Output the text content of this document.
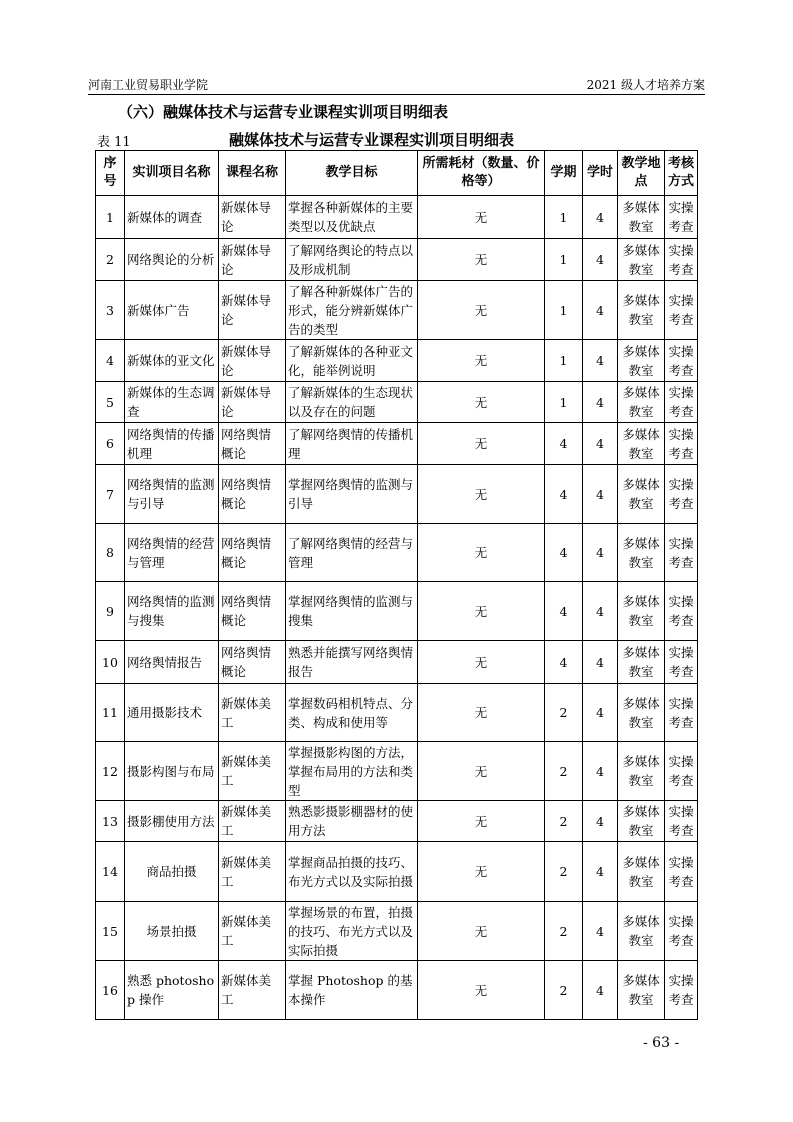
河南工业贸易职业学院	2021 级人才培养方案
（六）融媒体技术与运营专业课程实训项目明细表
表 11	融媒体技术与运营专业课程实训项目明细表
序号	实训项目名称	课程名称	教学目标	所需耗材（数量、价格等）	学期	学时	教学地点	考核方式
1	新媒体的调查	新媒体导论	掌握各种新媒体的主要类型以及优缺点	无	1	4	多媒体教室	实操考查
2	网络舆论的分析	新媒体导论	了解网络舆论的特点以及形成机制	无	1	4	多媒体教室	实操考查
3	新媒体广告	新媒体导论	了解各种新媒体广告的形式，能分辨新媒体广告的类型	无	1	4	多媒体教室	实操考查
4	新媒体的亚文化	新媒体导论	了解新媒体的各种亚文化，能举例说明	无	1	4	多媒体教室	实操考查
5	新媒体的生态调查	新媒体导论	了解新媒体的生态现状以及存在的问题	无	1	4	多媒体教室	实操考查
6	网络舆情的传播机理	网络舆情概论	了解网络舆情的传播机理	无	4	4	多媒体教室	实操考查
7	网络舆情的监测与引导	网络舆情概论	掌握网络舆情的监测与引导	无	4	4	多媒体教室	实操考查
8	网络舆情的经营与管理	网络舆情概论	了解网络舆情的经营与管理	无	4	4	多媒体教室	实操考查
9	网络舆情的监测与搜集	网络舆情概论	掌握网络舆情的监测与搜集	无	4	4	多媒体教室	实操考查
10	网络舆情报告	网络舆情概论	熟悉并能撰写网络舆情报告	无	4	4	多媒体教室	实操考查
11	通用摄影技术	新媒体美工	掌握数码相机特点、分类、构成和使用等	无	2	4	多媒体教室	实操考查
12	摄影构图与布局	新媒体美工	掌握摄影构图的方法，掌握布局用的方法和类型	无	2	4	多媒体教室	实操考查
13	摄影棚使用方法	新媒体美工	熟悉影摄影棚器材的使用方法	无	2	4	多媒体教室	实操考查
14	商品拍摄	新媒体美工	掌握商品拍摄的技巧、布光方式以及实际拍摄	无	2	4	多媒体教室	实操考查
15	场景拍摄	新媒体美工	掌握场景的布置，拍摄的技巧、布光方式以及实际拍摄	无	2	4	多媒体教室	实操考查
16	熟悉 photoshop 操作	新媒体美工	掌握 Photoshop 的基本操作	无	2	4	多媒体教室	实操考查
- 63 -
